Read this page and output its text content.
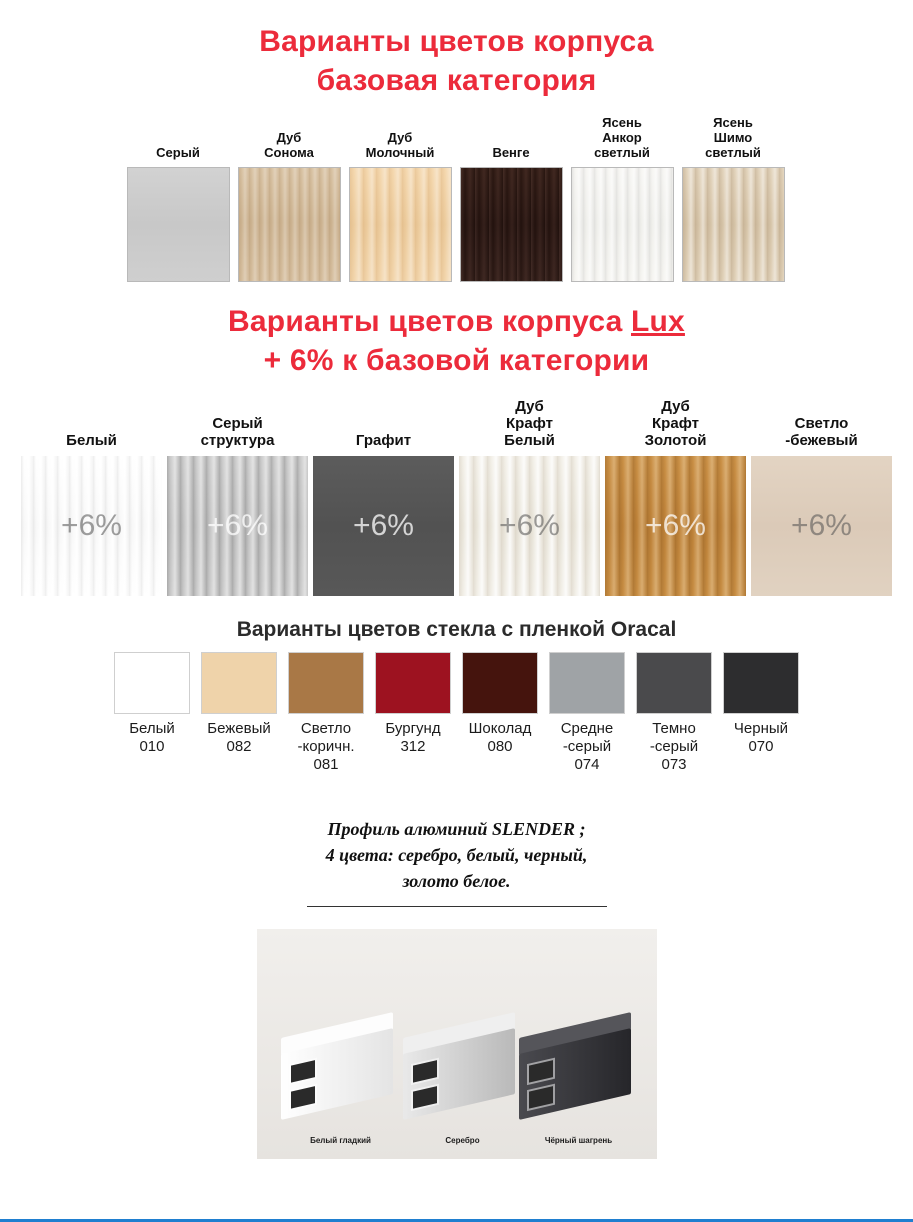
Варианты цветов корпуса
базовая категория
Серый
Дуб
Сонома
Дуб
Молочный	Венге
Ясень
Анкор
светлый
Ясень
Шимо
светлый
Варианты цветов корпуса Lux
+ 6% к базовой категории
Белый
+6%
Серый
структура
+6%
Графит
+6%
Дуб
Крафт
Белый
+6%
Дуб
Крафт
Золотой
+6%
Светло
-бежевый
+6%
Варианты цветов стекла с пленкой Oracal
Белый
010
Бежевый
082
Светло
-коричн.
081
Бургунд
312
Шоколад
080
Средне
-серый
074
Темно
-серый
073
Черный
070
Профиль алюминий SLENDER ;
4 цвета: серебро, белый, черный,
золото белое.
Белый гладкий	Серебро	Чёрный шагрень
